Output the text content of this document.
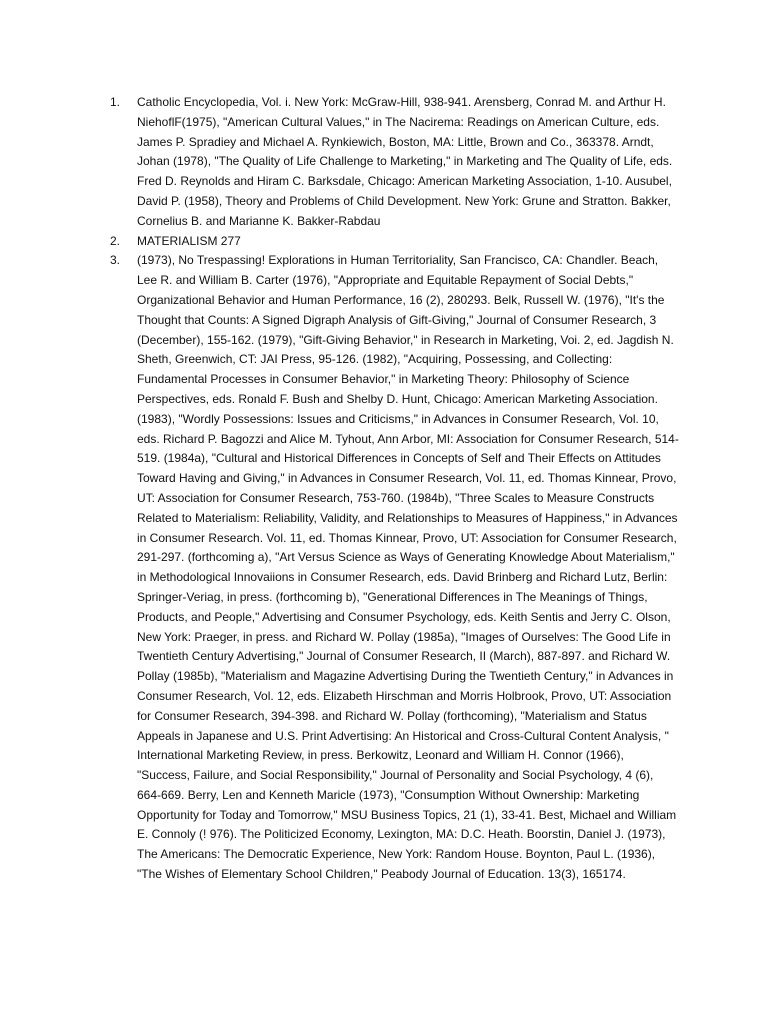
1.	Catholic Encyclopedia, Vol. i. New York: McGraw-Hill, 938-941. Arensberg, Conrad M. and Arthur H. NiehoflF(1975), "American Cultural Values," in The Nacirema: Readings on American Culture, eds. James P. Spradiey and Michael A. Rynkiewich, Boston, MA: Little, Brown and Co., 363378. Arndt, Johan (1978), "The Quality of Life Challenge to Marketing," in Marketing and The Quality of Life, eds. Fred D. Reynolds and Hiram C. Barksdale, Chicago: American Marketing Association, 1-10. Ausubel, David P. (1958), Theory and Problems of Child Development. New York: Grune and Stratton. Bakker, Cornelius B. and Marianne K. Bakker-Rabdau
2.	MATERIALISM 277
3.	(1973), No Trespassing! Explorations in Human Territoriality, San Francisco, CA: Chandler. Beach, Lee R. and William B. Carter (1976), "Appropriate and Equitable Repayment of Social Debts," Organizational Behavior and Human Performance, 16 (2), 280293. Belk, Russell W. (1976), "It's the Thought that Counts: A Signed Digraph Analysis of Gift-Giving," Journal of Consumer Research, 3 (December), 155-162. (1979), "Gift-Giving Behavior," in Research in Marketing, Voi. 2, ed. Jagdish N. Sheth, Greenwich, CT: JAI Press, 95-126. (1982), "Acquiring, Possessing, and Collecting: Fundamental Processes in Consumer Behavior," in Marketing Theory: Philosophy of Science Perspectives, eds. Ronald F. Bush and Shelby D. Hunt, Chicago: American Marketing Association. (1983), "Wordly Possessions: Issues and Criticisms," in Advances in Consumer Research, Vol. 10, eds. Richard P. Bagozzi and Alice M. Tyhout, Ann Arbor, MI: Association for Consumer Research, 514-519. (1984a), "Cultural and Historical Differences in Concepts of Self and Their Effects on Attitudes Toward Having and Giving," in Advances in Consumer Research, Vol. 11, ed. Thomas Kinnear, Provo, UT: Association for Consumer Research, 753-760. (1984b), "Three Scales to Measure Constructs Related to Materialism: Reliability, Validity, and Relationships to Measures of Happiness," in Advances in Consumer Research. Vol. 11, ed. Thomas Kinnear, Provo, UT: Association for Consumer Research, 291-297. (forthcoming a), "Art Versus Science as Ways of Generating Knowledge About Materialism," in Methodological Innovaiions in Consumer Research, eds. David Brinberg and Richard Lutz, Berlin: Springer-Veriag, in press. (forthcoming b), "Generational Differences in The Meanings of Things, Products, and People," Advertising and Consumer Psychology, eds. Keith Sentis and Jerry C. Olson, New York: Praeger, in press. and Richard W. Pollay (1985a), "Images of Ourselves: The Good Life in Twentieth Century Advertising," Journal of Consumer Research, II (March), 887-897. and Richard W. Pollay (1985b), "Materialism and Magazine Advertising During the Twentieth Century," in Advances in Consumer Research, Vol. 12, eds. Elizabeth Hirschman and Morris Holbrook, Provo, UT: Association for Consumer Research, 394-398. and Richard W. Pollay (forthcoming), "Materialism and Status Appeals in Japanese and U.S. Print Advertising: An Historical and Cross-Cultural Content Analysis, " International Marketing Review, in press. Berkowitz, Leonard and William H. Connor (1966), "Success, Failure, and Social Responsibility," Journal of Personality and Social Psychology, 4 (6), 664-669. Berry, Len and Kenneth Maricle (1973), "Consumption Without Ownership: Marketing Opportunity for Today and Tomorrow," MSU Business Topics, 21 (1), 33-41. Best, Michael and William E. Connoly (! 976). The Politicized Economy, Lexington, MA: D.C. Heath. Boorstin, Daniel J. (1973), The Americans: The Democratic Experience, New York: Random House. Boynton, Paul L. (1936), "The Wishes of Elementary School Children," Peabody Journal of Education. 13(3), 165174.
